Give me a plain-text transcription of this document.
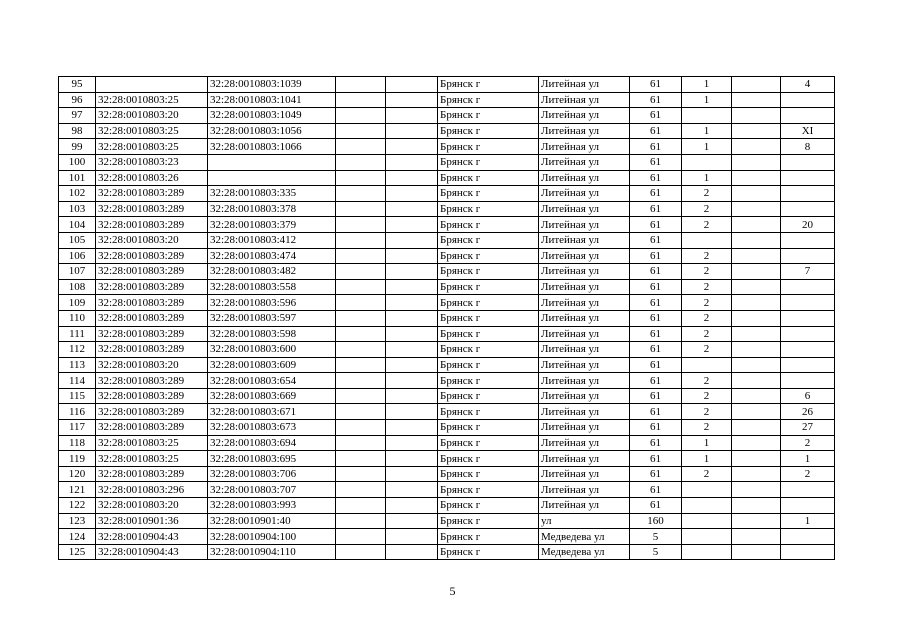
95		32:28:0010803:1039			Брянск г	Литейная ул	61	1		4
96	32:28:0010803:25	32:28:0010803:1041			Брянск г	Литейная ул	61	1		
97	32:28:0010803:20	32:28:0010803:1049			Брянск г	Литейная ул	61			
98	32:28:0010803:25	32:28:0010803:1056			Брянск г	Литейная ул	61	1		XI
99	32:28:0010803:25	32:28:0010803:1066			Брянск г	Литейная ул	61	1		8
100	32:28:0010803:23				Брянск г	Литейная ул	61			
101	32:28:0010803:26				Брянск г	Литейная ул	61	1		
102	32:28:0010803:289	32:28:0010803:335			Брянск г	Литейная ул	61	2		
103	32:28:0010803:289	32:28:0010803:378			Брянск г	Литейная ул	61	2		
104	32:28:0010803:289	32:28:0010803:379			Брянск г	Литейная ул	61	2		20
105	32:28:0010803:20	32:28:0010803:412			Брянск г	Литейная ул	61			
106	32:28:0010803:289	32:28:0010803:474			Брянск г	Литейная ул	61	2		
107	32:28:0010803:289	32:28:0010803:482			Брянск г	Литейная ул	61	2		7
108	32:28:0010803:289	32:28:0010803:558			Брянск г	Литейная ул	61	2		
109	32:28:0010803:289	32:28:0010803:596			Брянск г	Литейная ул	61	2		
110	32:28:0010803:289	32:28:0010803:597			Брянск г	Литейная ул	61	2		
111	32:28:0010803:289	32:28:0010803:598			Брянск г	Литейная ул	61	2		
112	32:28:0010803:289	32:28:0010803:600			Брянск г	Литейная ул	61	2		
113	32:28:0010803:20	32:28:0010803:609			Брянск г	Литейная ул	61			
114	32:28:0010803:289	32:28:0010803:654			Брянск г	Литейная ул	61	2		
115	32:28:0010803:289	32:28:0010803:669			Брянск г	Литейная ул	61	2		6
116	32:28:0010803:289	32:28:0010803:671			Брянск г	Литейная ул	61	2		26
117	32:28:0010803:289	32:28:0010803:673			Брянск г	Литейная ул	61	2		27
118	32:28:0010803:25	32:28:0010803:694			Брянск г	Литейная ул	61	1		2
119	32:28:0010803:25	32:28:0010803:695			Брянск г	Литейная ул	61	1		1
120	32:28:0010803:289	32:28:0010803:706			Брянск г	Литейная ул	61	2		2
121	32:28:0010803:296	32:28:0010803:707			Брянск г	Литейная ул	61			
122	32:28:0010803:20	32:28:0010803:993			Брянск г	Литейная ул	61			
123	32:28:0010901:36	32:28:0010901:40			Брянск г	ул	160			1
124	32:28:0010904:43	32:28:0010904:100			Брянск г	Медведева ул	5			
125	32:28:0010904:43	32:28:0010904:110			Брянск г	Медведева ул	5			
5
